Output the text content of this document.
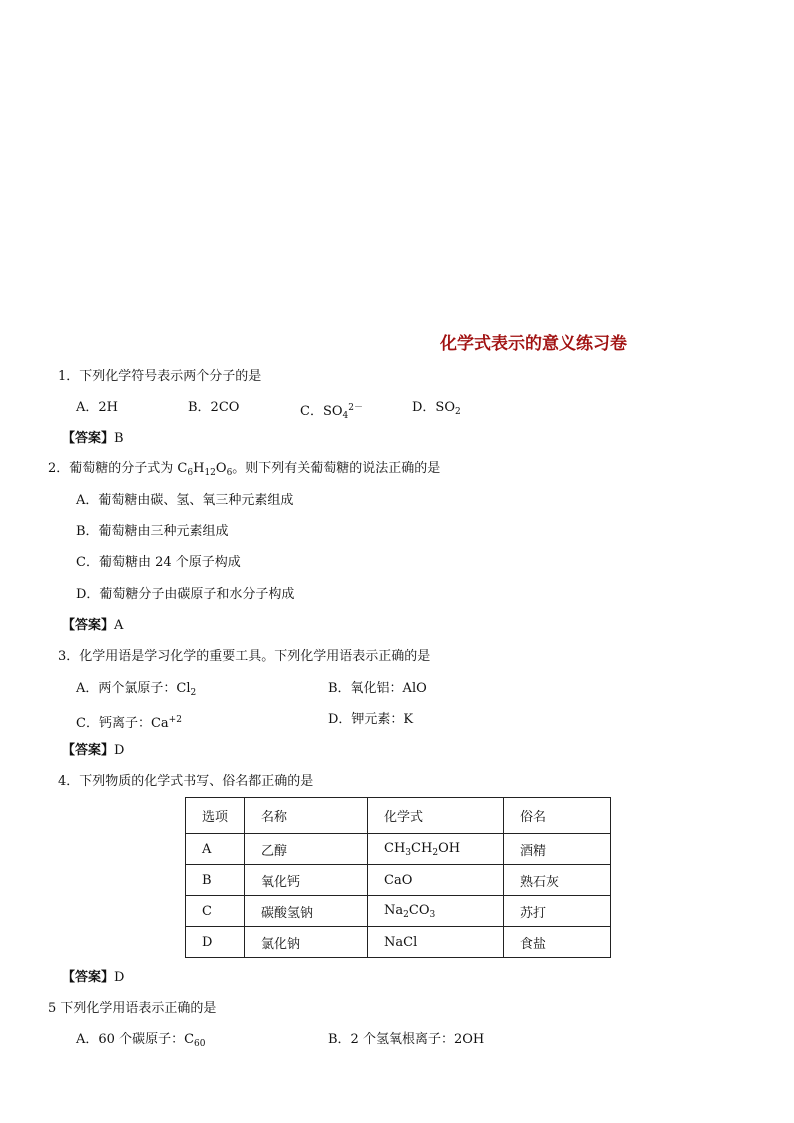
化学式表示的意义练习卷
1．下列化学符号表示两个分子的是
A．2H	B．2CO	C．$SO_4^{2-}$	D．$SO_2$
【答案】B
2．葡萄糖的分子式为 $C_6H_{12}O_6$。则下列有关葡萄糖的说法正确的是
A．葡萄糖由碳、氢、氧三种元素组成
B．葡萄糖由三种元素组成
C．葡萄糖由 24 个原子构成
D．葡萄糖分子由碳原子和水分子构成
【答案】A
3．化学用语是学习化学的重要工具。下列化学用语表示正确的是
A．两个氯原子：$Cl_2$	B．氧化铝：AlO
C．钙离子：$Ca^{+2}$	D．钾元素：K
【答案】D
4．下列物质的化学式书写、俗名都正确的是
选项	名称	化学式	俗名
A	乙醇	$CH_3CH_2OH$	酒精
B	氧化钙	CaO	熟石灰
C	碳酸氢钠	$Na_2CO_3$	苏打
D	氯化钠	NaCl	食盐
【答案】D
5 下列化学用语表示正确的是
A．60 个碳原子：$C_{60}$	B．2 个氢氧根离子：2OH
